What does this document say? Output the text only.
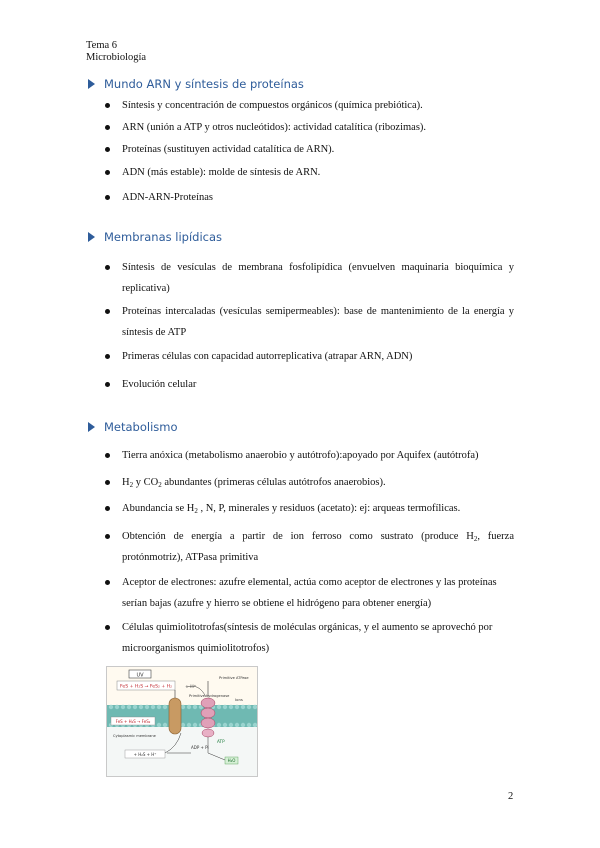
Tema 6
Microbiología
Mundo ARN y síntesis de proteínas
Síntesis y concentración de compuestos orgánicos (química prebiótica).
ARN (unión a ATP y otros nucleótidos): actividad catalítica (ribozimas).
Proteínas (sustituyen actividad catalítica de ARN).
ADN (más estable): molde de síntesis de ARN.
ADN-ARN-Proteínas
Membranas lipídicas
Síntesis de vesículas de membrana fosfolipídica (envuelven maquinaria bioquímica y replicativa)
Proteínas intercaladas (vesículas semipermeables): base de mantenimiento de la energía y síntesis de ATP
Primeras células con capacidad autorreplicativa (atrapar ARN, ADN)
Evolución celular
Metabolismo
Tierra anóxica (metabolismo anaerobio y autótrofo):apoyado por Aquifex (autótrofa)
$H_2$ y $CO_2$ abundantes (primeras células autótrofos anaerobios).
Abundancia se $H_2$ , N, P, minerales y residuos (acetato): ej: arqueas termofílicas.
Obtención de energía a partir de ion ferroso como sustrato (produce $H_2$, fuerza protónmotriz), ATPasa primitiva
Aceptor de electrones: azufre elemental, actúa como aceptor de electrones y las proteínas serían bajas (azufre y hierro se obtiene el hidrógeno para obtener energía)
Células quimiolitotrofas(síntesis de moléculas orgánicas, y el aumento se aprovechó por microorganismos quimiolitotrofos)
UV
FeS + H₂S → FeS₂ + H₂	+ H⁺
Primitive hydrogenase
Primitive ATPase
Ions
Cytoplasmic membrane
FeS + H₂S → FeS₂
+ H₂S + H⁺
ADP + Pi
ATP
H₂O
2
